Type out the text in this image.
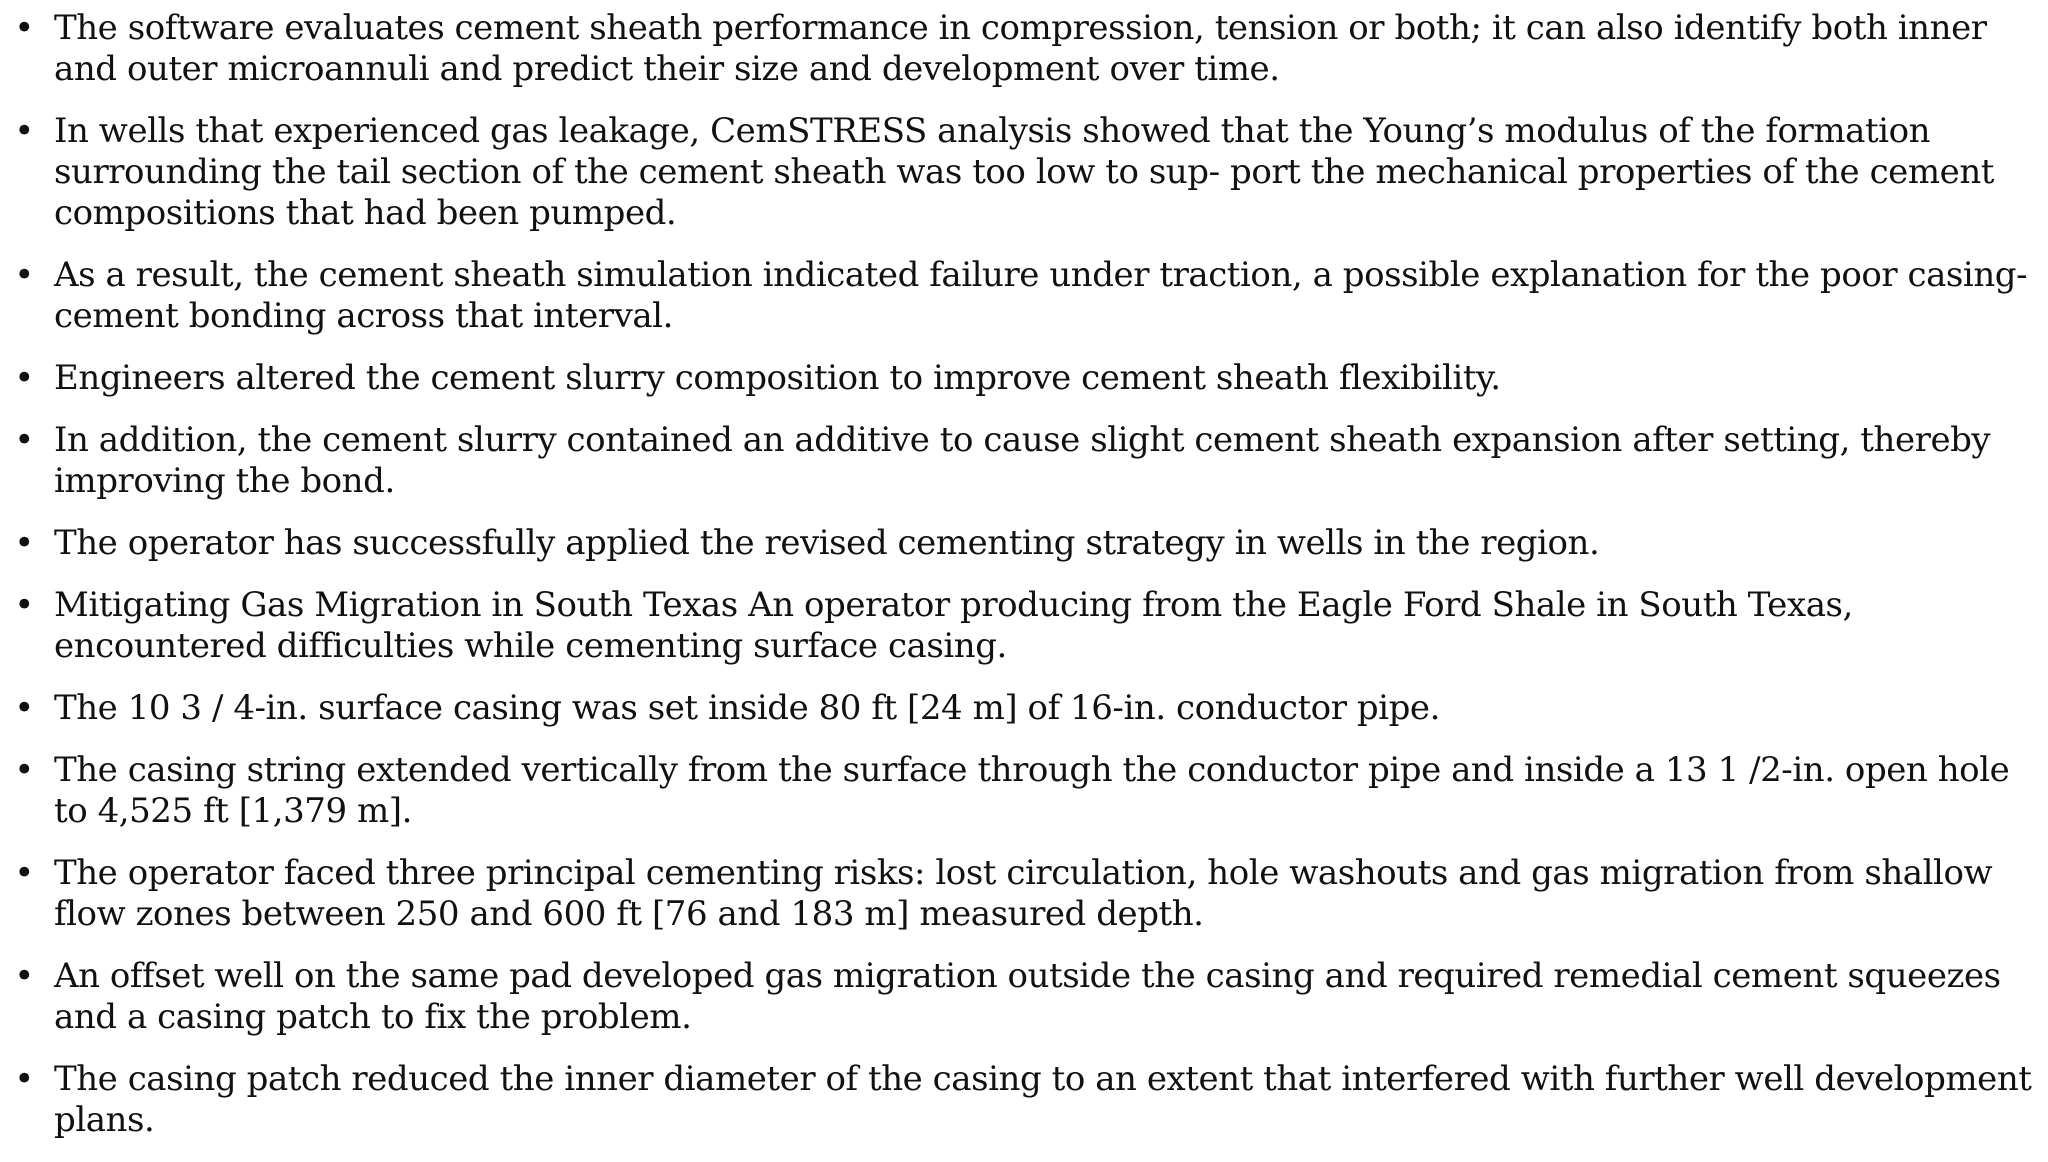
• The software evaluates cement sheath performance in compression, tension or both; it can also identify both inner and outer microannuli and predict their size and development over time.
• In wells that experienced gas leakage, CemSTRESS analysis showed that the Young’s modulus of the formation surrounding the tail section of the cement sheath was too low to sup- port the mechanical properties of the cement compositions that had been pumped.
• As a result, the cement sheath simulation indicated failure under traction, a possible explanation for the poor casing-cement bonding across that interval.
• Engineers altered the cement slurry composition to improve cement sheath flexibility.
• In addition, the cement slurry contained an additive to cause slight cement sheath expansion after setting, thereby improving the bond.
• The operator has successfully applied the revised cementing strategy in wells in the region.
• Mitigating Gas Migration in South Texas An operator producing from the Eagle Ford Shale in South Texas, encountered difficulties while cementing surface casing.
• The 10 3 / 4-in. surface casing was set inside 80 ft [24 m] of 16-in. conductor pipe.
• The casing string extended vertically from the surface through the conductor pipe and inside a 13 1 /2-in. open hole to 4,525 ft [1,379 m].
• The operator faced three principal cementing risks: lost circulation, hole washouts and gas migration from shallow flow zones between 250 and 600 ft [76 and 183 m] measured depth.
• An offset well on the same pad developed gas migration outside the casing and required remedial cement squeezes and a casing patch to fix the problem.
• The casing patch reduced the inner diameter of the casing to an extent that interfered with further well development plans.
